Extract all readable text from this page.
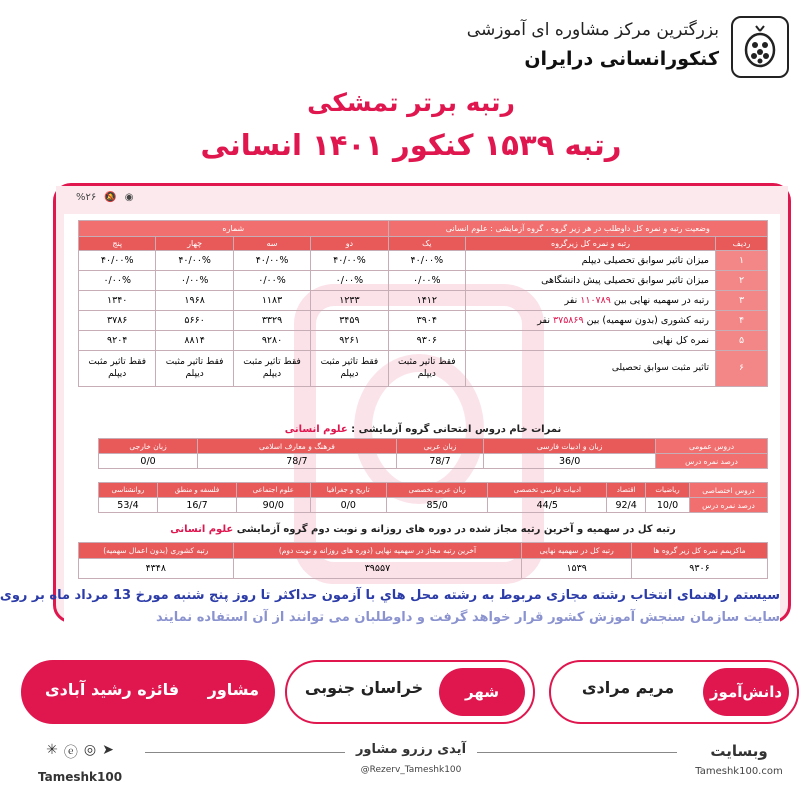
بزرگترین مرکز مشاوره ای آموزشی
کنکورانسانی درایران
رتبه برتر تمشکی
رتبه ۱۵۳۹ کنکور ۱۴۰۱ انسانی
%۲۶ 🔕 ◉
وضعیت رتبه و نمره کل داوطلب در هر زیر گروه ، گروه آزمایشی : علوم انسانی			شماره			
ردیف	رتبه و نمره کل زیرگروه	یک	دو	سه	چهار	پنج
۱	میزان تاثیر سوابق تحصیلی دیپلم	۴۰/۰۰%	۴۰/۰۰%	۴۰/۰۰%	۴۰/۰۰%	۴۰/۰۰%
۲	میزان تاثیر سوابق تحصیلی پیش دانشگاهی	۰/۰۰%	۰/۰۰%	۰/۰۰%	۰/۰۰%	۰/۰۰%
۳	رتبه در سهمیه نهایی بین ۱۱۰۷۸۹ نفر	۱۴۱۲	۱۲۳۳	۱۱۸۳	۱۹۶۸	۱۳۴۰
۴	رتبه کشوری (بدون سهمیه) بین ۳۷۵۸۶۹ نفر	۳۹۰۴	۳۴۵۹	۳۳۲۹	۵۶۶۰	۳۷۸۶
۵	نمره کل نهایی	۹۳۰۶	۹۲۶۱	۹۲۸۰	۸۸۱۴	۹۲۰۴
۶	تاثیر مثبت سوابق تحصیلی	فقط تاثیر مثبت دیپلم	فقط تاثیر مثبت دیپلم	فقط تاثیر مثبت دیپلم	فقط تاثیر مثبت دیپلم	فقط تاثیر مثبت دیپلم
نمرات خام دروس امتحانی گروه آزمایشی : علوم انسانی
دروس عمومی	زبان و ادبیات فارسی	زبان عربی	فرهنگ و معارف اسلامی	زبان خارجی
درصد نمره درس	36/0	78/7	78/7	0/0
دروس اختصاصی	ریاضیات	اقتصاد	ادبیات فارسی تخصصی	زبان عربی تخصصی	تاریخ و جغرافیا	علوم اجتماعی	فلسفه و منطق	روانشناسی
درصد نمره درس	10/0	92/4	44/5	85/0	0/0	90/0	16/7	53/4
رتبه کل در سهمیه و آخرین رتبه مجاز شده در دوره های روزانه و نوبت دوم گروه آزمایشی علوم انسانی
ماکزیمم نمره کل زیر گروه ها	رتبه کل در سهمیه نهایی	آخرین رتبه مجاز در سهمیه نهایی (دوره های روزانه و نوبت دوم)	رتبه کشوری (بدون اعمال سهمیه)
۹۳۰۶	۱۵۳۹	۳۹۵۵۷	۴۳۴۸
سیستم راهنمای انتخاب رشته مجازی مربوط به رشته محل هاي با آزمون حداکثر تا روز پنج شنبه مورخ 13 مرداد ماه بر روی
سایت سازمان سنجش آموزش کشور قرار خواهد گرفت و داوطلبان می توانند از آن استفاده نمایند
دانش‌آموز
مریم مرادی
شهر
خراسان جنوبی
مشاور
فائزه رشید آبادی
وبسایت
Tameshk100.com
آیدی رزرو مشاور
@Rezerv_Tameshk100
✳ ⓔ ◎ ➤
Tameshk100
